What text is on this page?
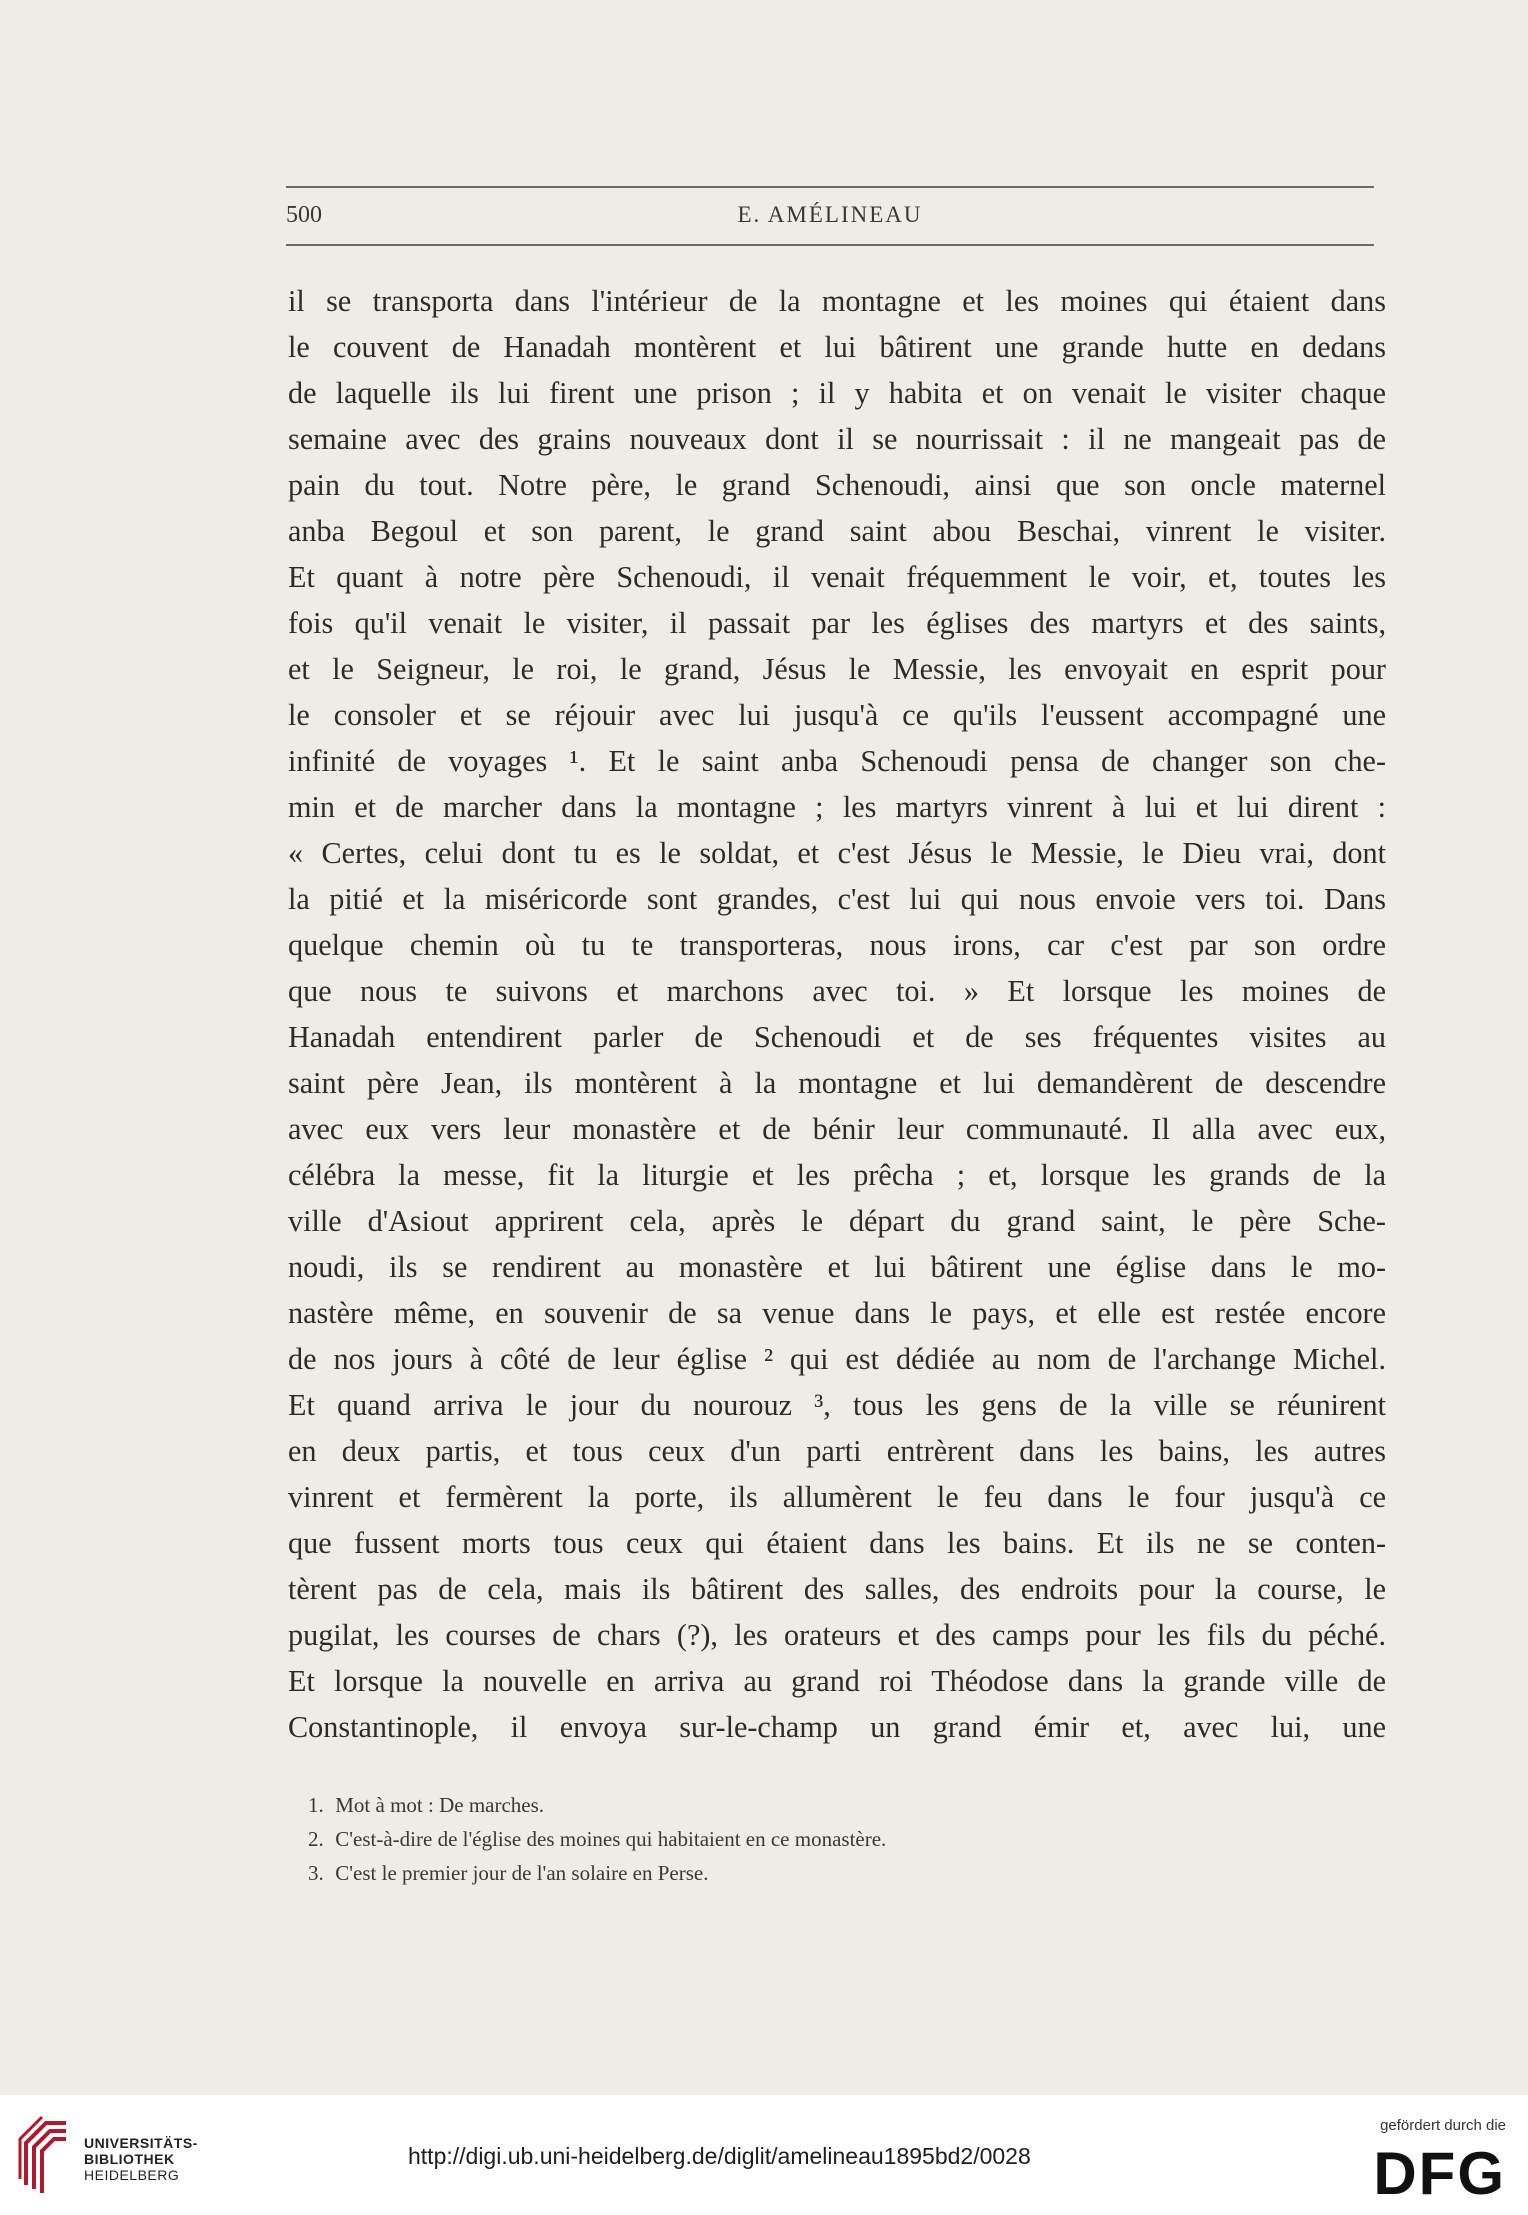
500	E. AMÉLINEAU
il se transporta dans l'intérieur de la montagne et les moines qui étaient dans
le couvent de Hanadah montèrent et lui bâtirent une grande hutte en dedans
de laquelle ils lui firent une prison ; il y habita et on venait le visiter chaque
semaine avec des grains nouveaux dont il se nourrissait : il ne mangeait pas de
pain du tout. Notre père, le grand Schenoudi, ainsi que son oncle maternel
anba Begoul et son parent, le grand saint abou Beschai, vinrent le visiter.
Et quant à notre père Schenoudi, il venait fréquemment le voir, et, toutes les
fois qu'il venait le visiter, il passait par les églises des martyrs et des saints,
et le Seigneur, le roi, le grand, Jésus le Messie, les envoyait en esprit pour
le consoler et se réjouir avec lui jusqu'à ce qu'ils l'eussent accompagné une
infinité de voyages ¹. Et le saint anba Schenoudi pensa de changer son che-
min et de marcher dans la montagne ; les martyrs vinrent à lui et lui dirent :
« Certes, celui dont tu es le soldat, et c'est Jésus le Messie, le Dieu vrai, dont
la pitié et la miséricorde sont grandes, c'est lui qui nous envoie vers toi. Dans
quelque chemin où tu te transporteras, nous irons, car c'est par son ordre
que nous te suivons et marchons avec toi. » Et lorsque les moines de
Hanadah entendirent parler de Schenoudi et de ses fréquentes visites au
saint père Jean, ils montèrent à la montagne et lui demandèrent de descendre
avec eux vers leur monastère et de bénir leur communauté. Il alla avec eux,
célébra la messe, fit la liturgie et les prêcha ; et, lorsque les grands de la
ville d'Asiout apprirent cela, après le départ du grand saint, le père Sche-
noudi, ils se rendirent au monastère et lui bâtirent une église dans le mo-
nastère même, en souvenir de sa venue dans le pays, et elle est restée encore
de nos jours à côté de leur église ² qui est dédiée au nom de l'archange Michel.
Et quand arriva le jour du nourouz ³, tous les gens de la ville se réunirent
en deux partis, et tous ceux d'un parti entrèrent dans les bains, les autres
vinrent et fermèrent la porte, ils allumèrent le feu dans le four jusqu'à ce
que fussent morts tous ceux qui étaient dans les bains. Et ils ne se conten-
tèrent pas de cela, mais ils bâtirent des salles, des endroits pour la course, le
pugilat, les courses de chars (?), les orateurs et des camps pour les fils du péché.
Et lorsque la nouvelle en arriva au grand roi Théodose dans la grande ville de
Constantinople, il envoya sur-le-champ un grand émir et, avec lui, une
1. Mot à mot : De marches.
2. C'est-à-dire de l'église des moines qui habitaient en ce monastère.
3. C'est le premier jour de l'an solaire en Perse.
UNIVERSITÄTS-
BIBLIOTHEK
HEIDELBERG
http://digi.ub.uni-heidelberg.de/diglit/amelineau1895bd2/0028
gefördert durch die
DFG
